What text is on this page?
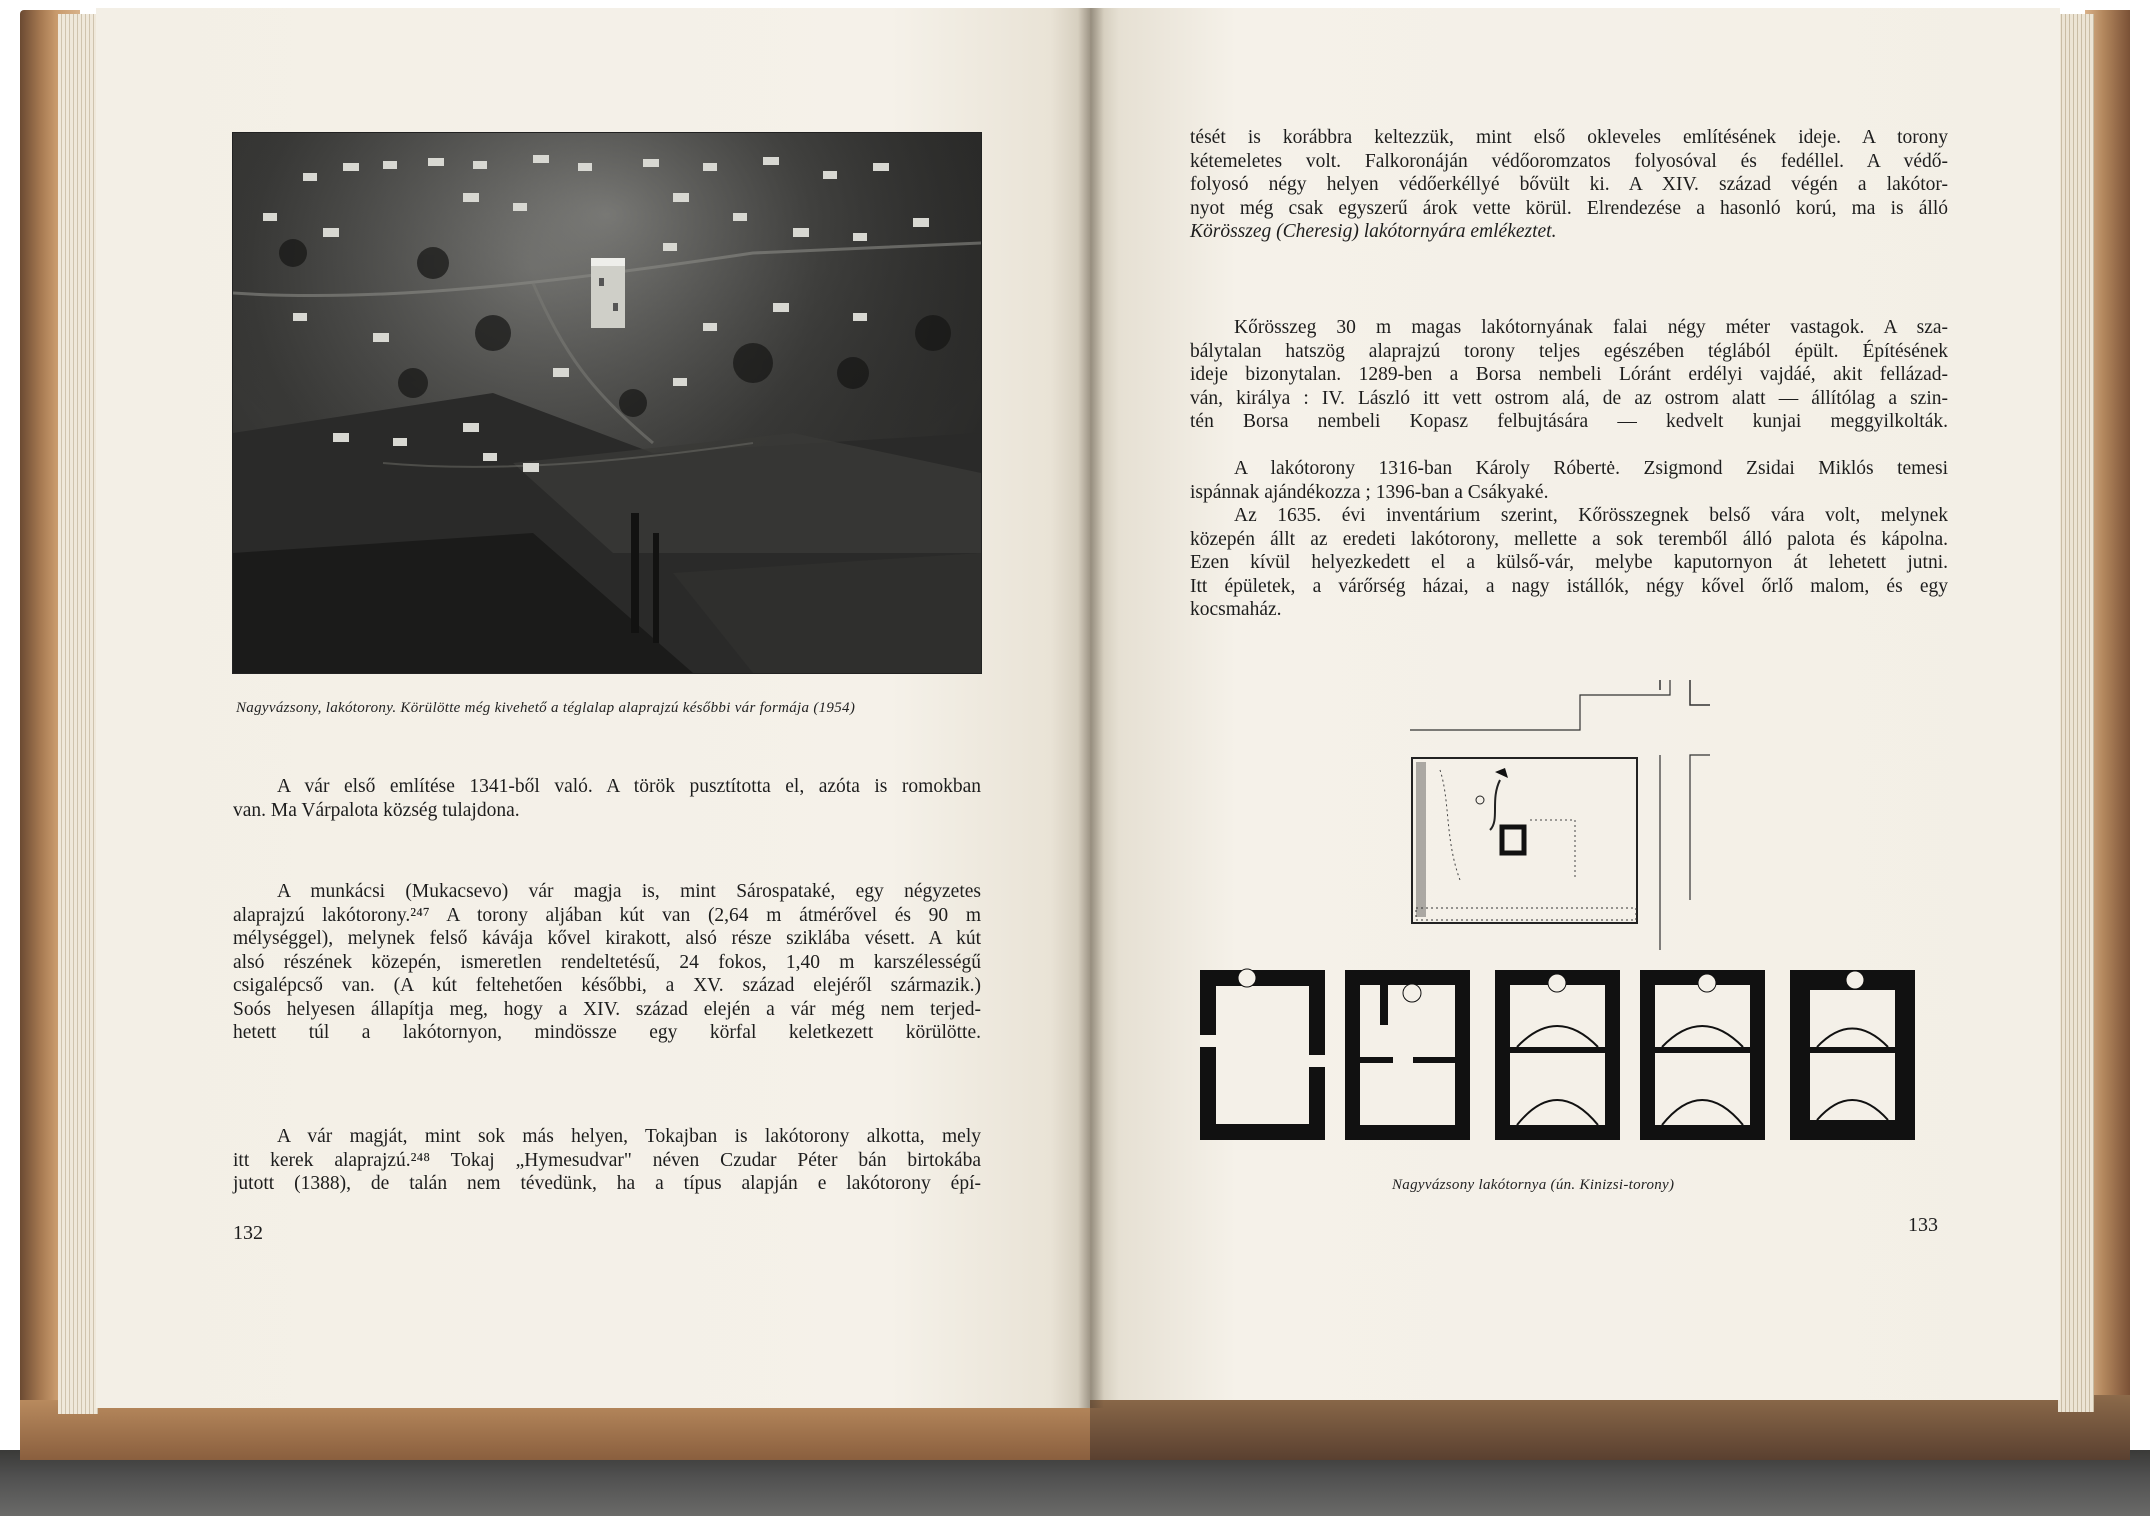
Nagyvázsony, lakótorony. Körülötte még kivehető a téglalap alaprajzú későbbi vár formája (1954)
A vár első említése 1341-ből való. A török pusztította el, azóta is romokban
van. Ma Várpalota község tulajdona.
A munkácsi (Mukacsevo) vár magja is, mint Sárospataké, egy négyzetes
alaprajzú lakótorony.²⁴⁷ A torony aljában kút van (2,64 m átmérővel és 90 m
mélységgel), melynek felső kávája kővel kirakott, alsó része sziklába vésett. A kút
alsó részének közepén, ismeretlen rendeltetésű, 24 fokos, 1,40 m karszélességű
csigalépcső van. (A kút feltehetően későbbi, a XV. század elejéről származik.)
Soós helyesen állapítja meg, hogy a XIV. század elején a vár még nem terjed-
hetett túl a lakótornyon, mindössze egy körfal keletkezett körülötte.
A vár magját, mint sok más helyen, Tokajban is lakótorony alkotta, mely
itt kerek alaprajzú.²⁴⁸ Tokaj „Hymesudvar" néven Czudar Péter bán birtokába
jutott (1388), de talán nem tévedünk, ha a típus alapján e lakótorony épí-
132
tését is korábbra keltezzük, mint első okleveles említésének ideje. A torony
kétemeletes volt. Falkoronáján védőoromzatos folyosóval és fedéllel. A védő-
folyosó négy helyen védőerkéllyé bővült ki. A XIV. század végén a lakótor-
nyot még csak egyszerű árok vette körül. Elrendezése a hasonló korú, ma is álló
Körösszeg (Cheresig) lakótornyára emlékeztet.
Kőrösszeg 30 m magas lakótornyának falai négy méter vastagok. A sza-
bálytalan hatszög alaprajzú torony teljes egészében téglából épült. Építésének
ideje bizonytalan. 1289-ben a Borsa nembeli Lóránt erdélyi vajdáé, akit fellázad-
ván, királya : IV. László itt vett ostrom alá, de az ostrom alatt — állítólag a szin-
tén Borsa nembeli Kopasz felbujtására — kedvelt kunjai meggyilkolták.
A lakótorony 1316-ban Károly Róbertė. Zsigmond Zsidai Miklós temesi
ispánnak ajándékozza ; 1396-ban a Csákyaké.
Az 1635. évi inventárium szerint, Kőrösszegnek belső vára volt, melynek
közepén állt az eredeti lakótorony, mellette a sok teremből álló palota és kápolna.
Ezen kívül helyezkedett el a külső-vár, melybe kaputornyon át lehetett jutni.
Itt épületek, a várőrség házai, a nagy istállók, négy kővel őrlő malom, és egy
kocsmaház.
Nagyvázsony lakótornya (ún. Kinizsi-torony)
133
